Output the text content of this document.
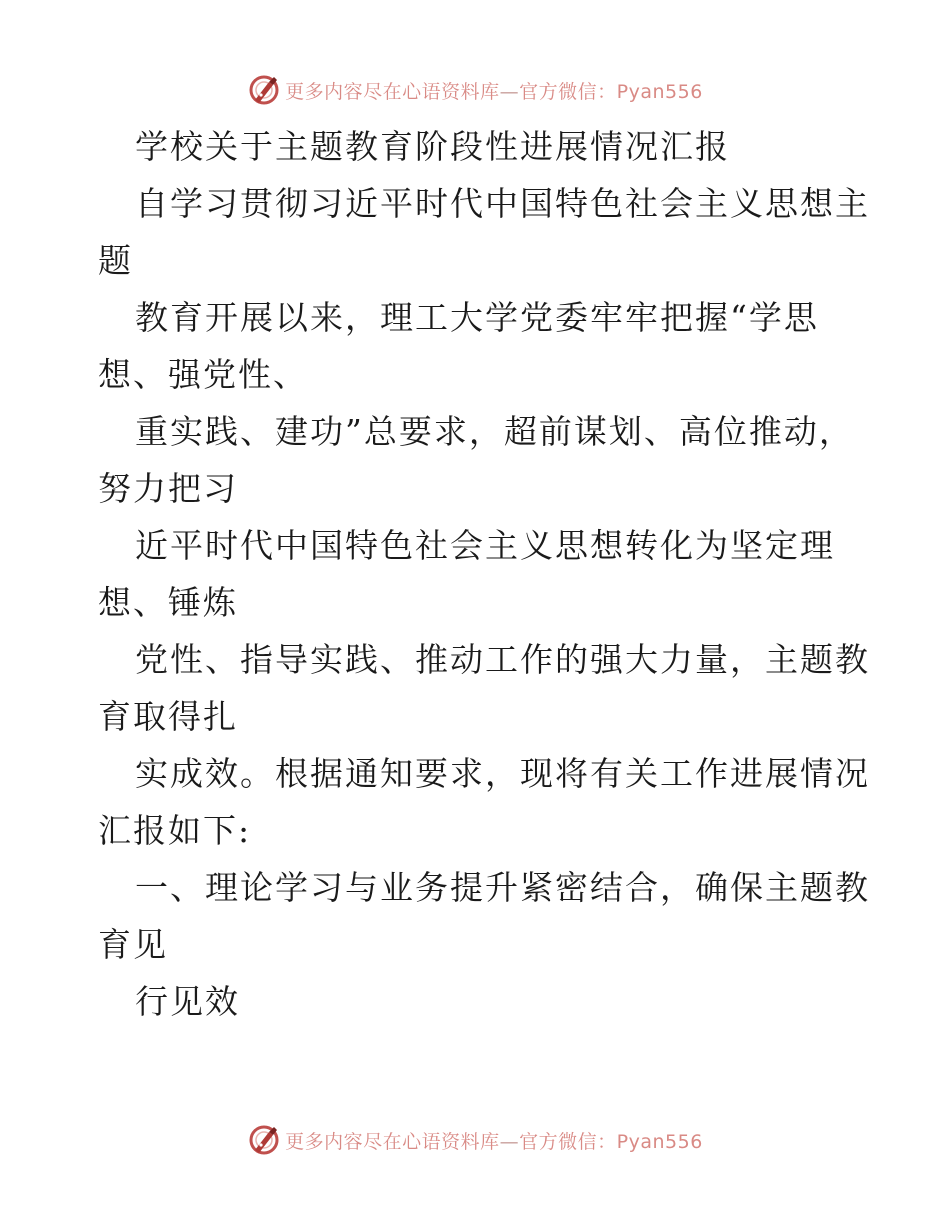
更多内容尽在心语资料库—官方微信：Pyan556
学校关于主题教育阶段性进展情况汇报
自学习贯彻习近平时代中国特色社会主义思想主
题
教育开展以来，理工大学党委牢牢把握“学思
想、强党性、
重实践、建功”总要求，超前谋划、高位推动，
努力把习
近平时代中国特色社会主义思想转化为坚定理
想、锤炼
党性、指导实践、推动工作的强大力量，主题教
育取得扎
实成效。根据通知要求，现将有关工作进展情况
汇报如下:
一、理论学习与业务提升紧密结合，确保主题教
育见
行见效
更多内容尽在心语资料库—官方微信：Pyan556
